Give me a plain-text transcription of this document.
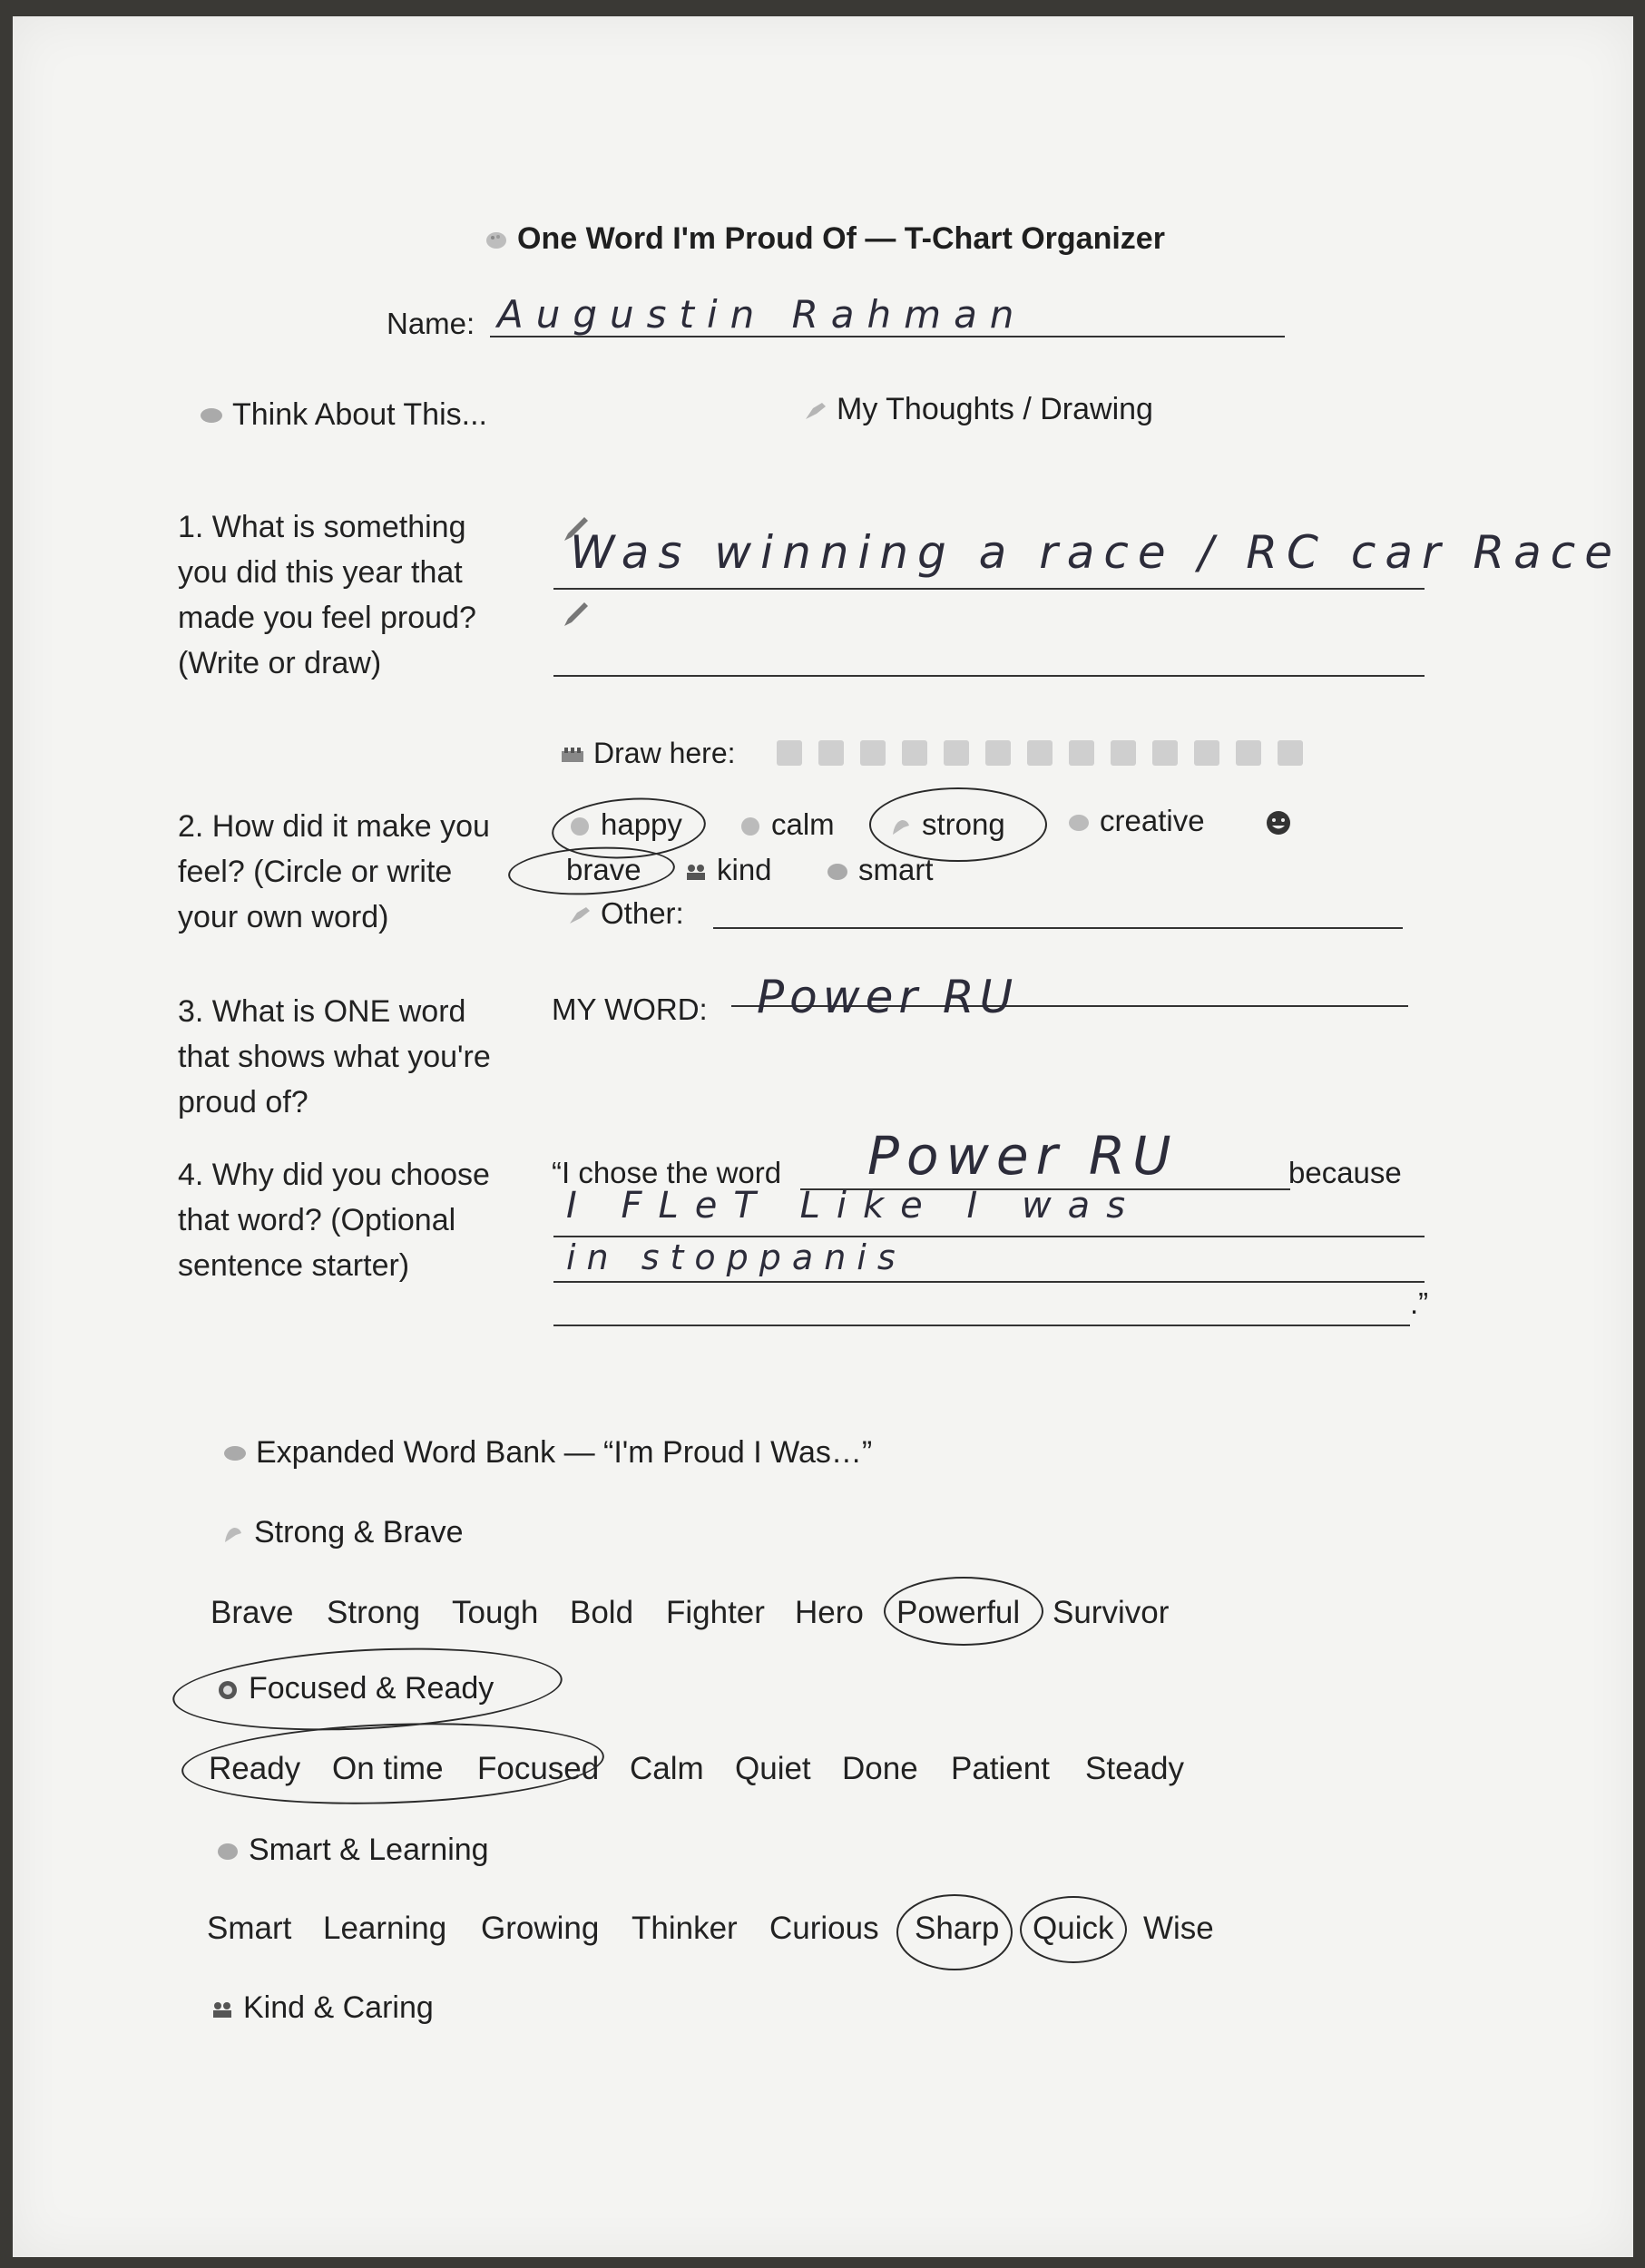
One Word I'm Proud Of — T-Chart Organizer
Name: Augustin Rahman
Think About This...	My Thoughts / Drawing
1. What is something
you did this year that
made you feel proud?
(Write or draw)
Was winning a race / RC car Race
Draw here:
2. How did it make you
feel? (Circle or write
your own word)
happy	calm	strong	creative
brave	kind	smart
Other:
3. What is ONE word
that shows what you're
proud of?
MY WORD: Power RU
4. Why did you choose
that word? (Optional
sentence starter)
“I chose the word Power RU	because
I FLeT Like I was
in stoppanis
.”
Expanded Word Bank — “I'm Proud I Was…”
Strong & Brave
Brave Strong Tough Bold Fighter Hero Powerful Survivor
Focused & Ready
Ready On time Focused Calm Quiet Done Patient Steady
Smart & Learning
Smart Learning Growing Thinker Curious Sharp Quick Wise
Kind & Caring
